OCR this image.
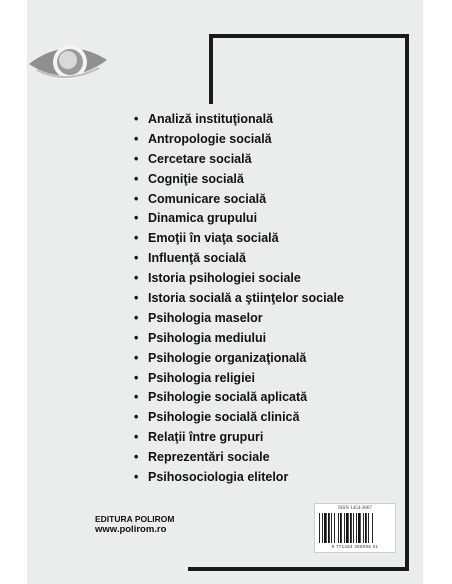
• Analiză instituţională
• Antropologie socială
• Cercetare socială
• Cogniţie socială
• Comunicare socială
• Dinamica grupului
• Emoţii în viaţa socială
• Influenţă socială
• Istoria psihologiei sociale
• Istoria socială a ştiinţelor sociale
• Psihologia maselor
• Psihologia mediului
• Psihologie organizaţională
• Psihologia religiei
• Psihologie socială aplicată
• Psihologie socială clinică
• Relaţii între grupuri
• Reprezentări sociale
• Psihosociologia elitelor
EDITURA POLIROM
www.polirom.ro
ISSN 1454-3667
9 771454 366006 01
